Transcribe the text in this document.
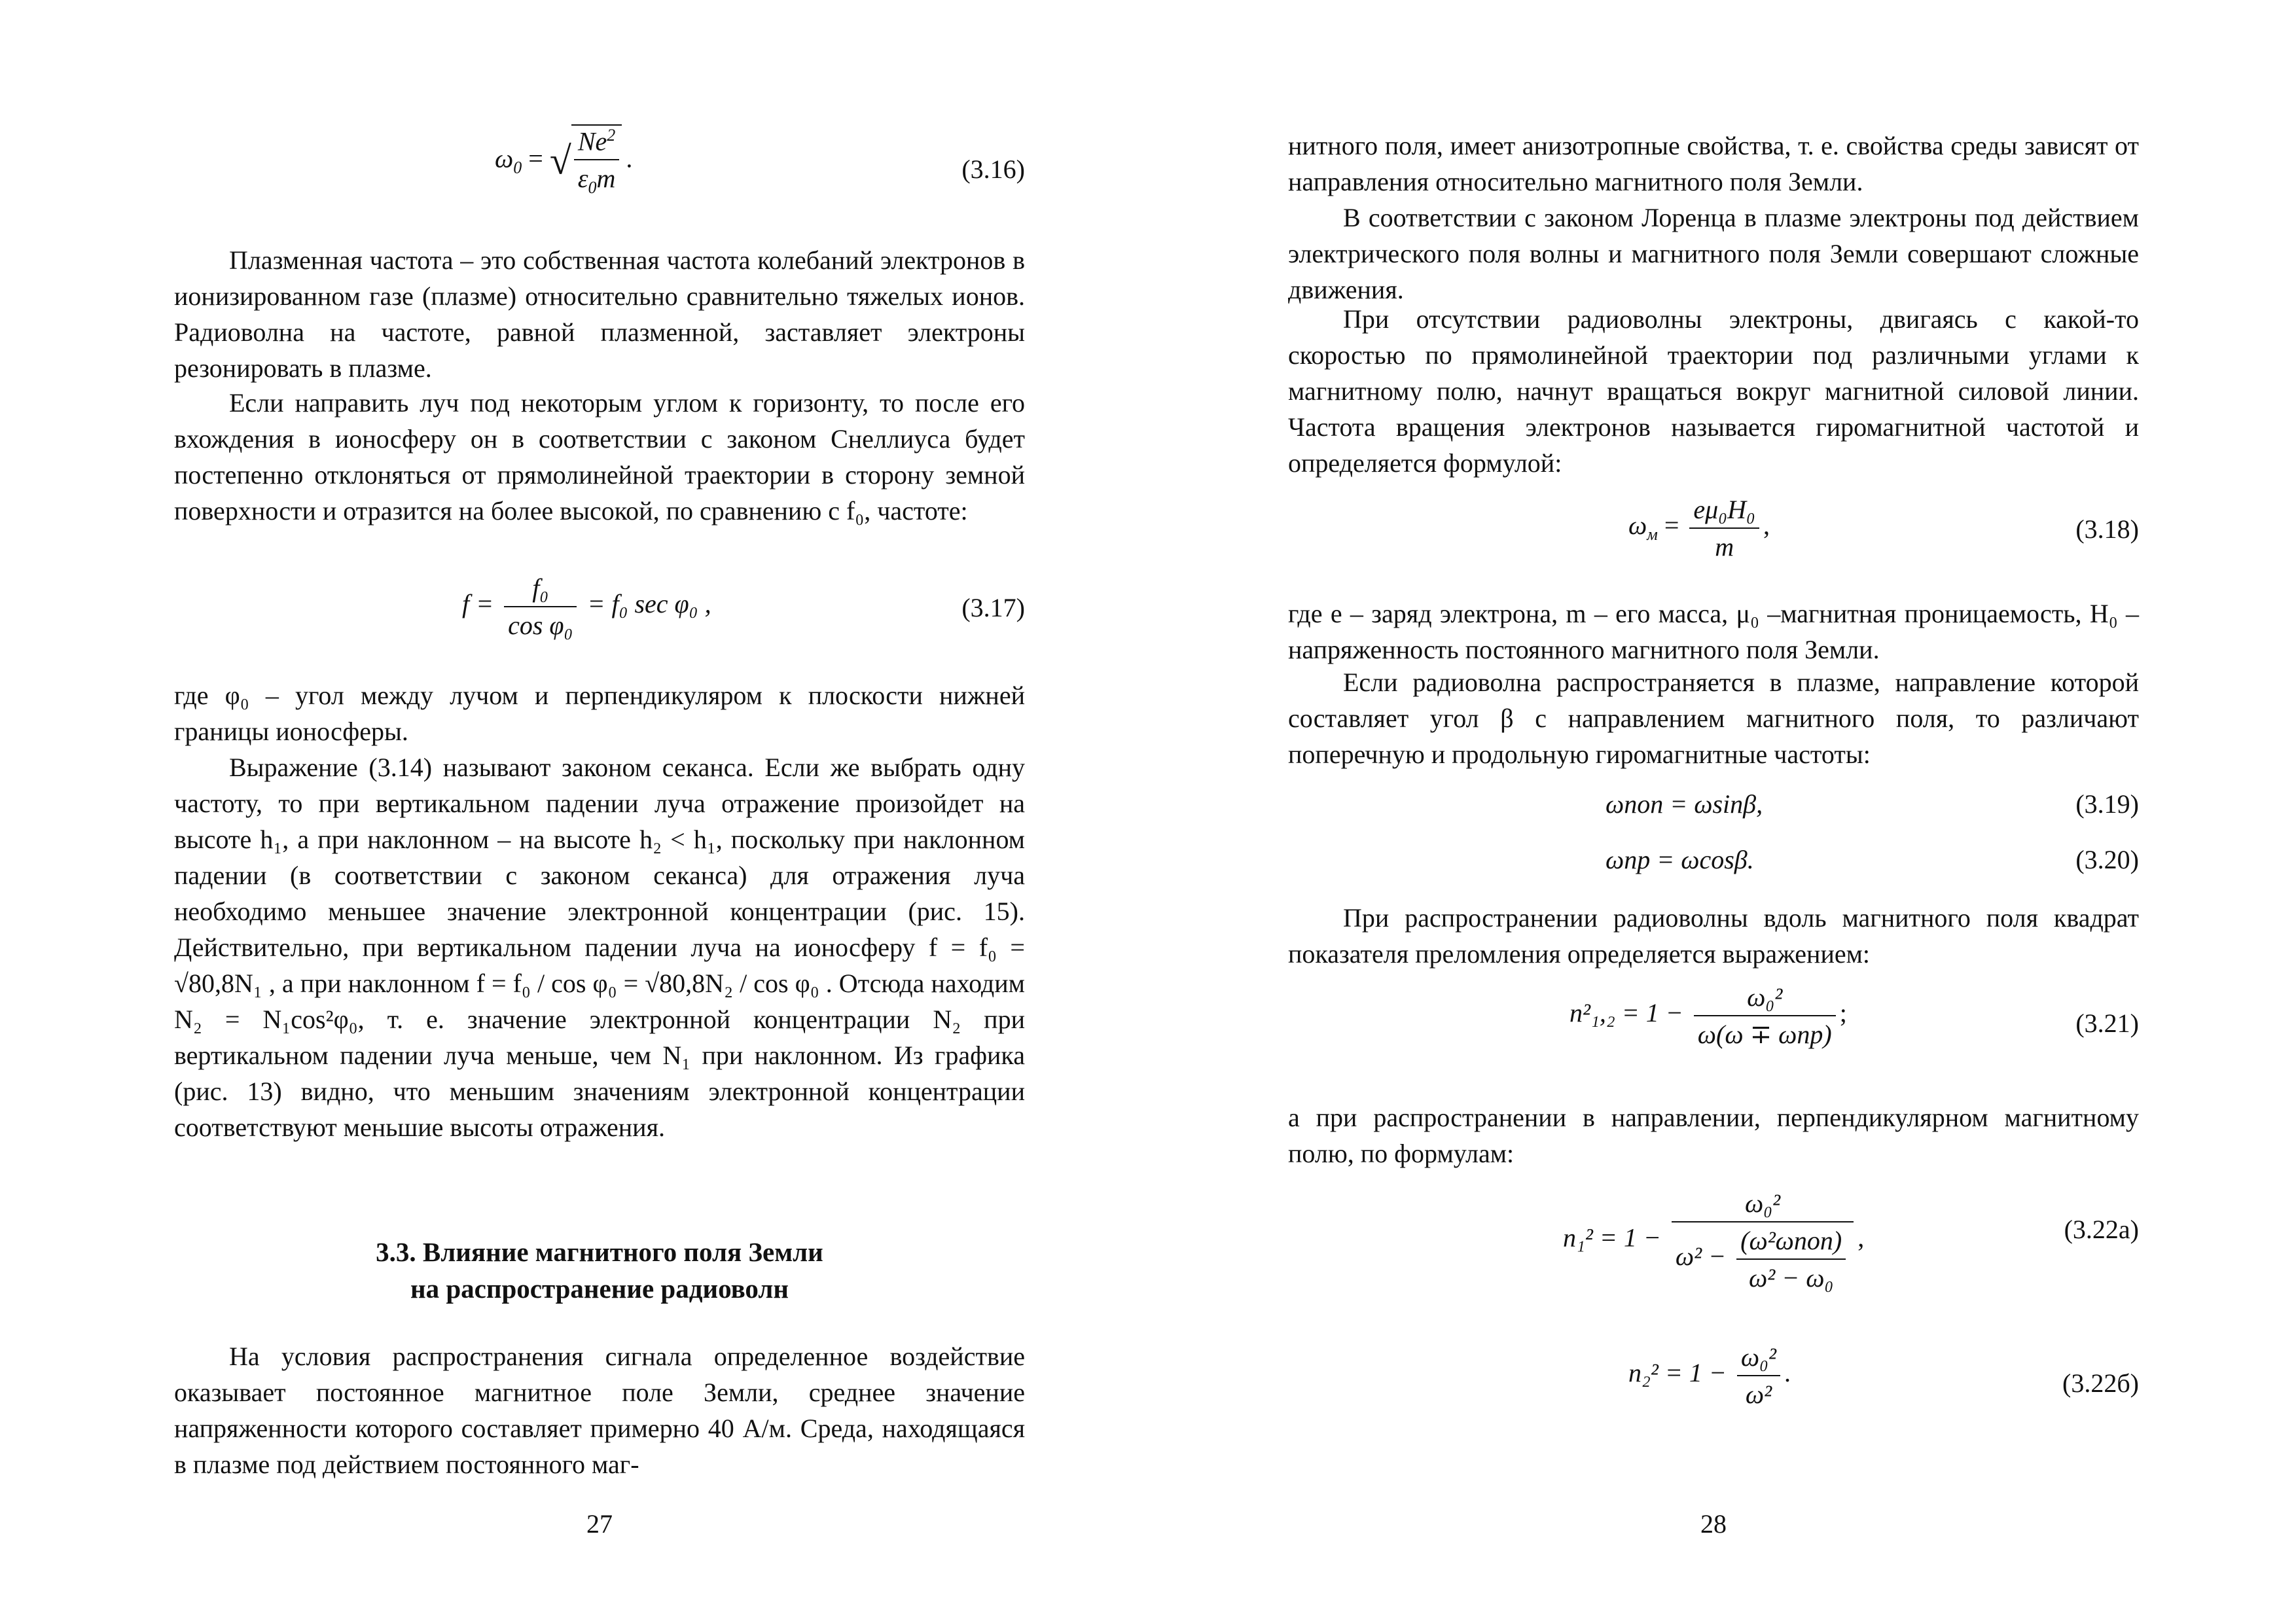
$\omega_0$ = √ $\frac{Ne^2}{\varepsilon_0m}$ .	(3.16)

Плазменная частота – это собственная частота колебаний электронов в ионизированном газе (плазме) относительно сравнительно тяжелых ионов. Радиоволна на частоте, равной плазменной, заставляет электроны резонировать в плазме.

Если направить луч под некоторым углом к горизонту, то после его вхождения в ионосферу он в соответствии с законом Снеллиуса будет постепенно отклоняться от прямолинейной траектории в сторону земной поверхности и отразится на более высокой, по сравнению с f₀, частоте:

$f = \frac{\text{f₀}}{\text{cos φ₀}} = f_0$ sec φ₀ ,	(3.17)

где φ₀ – угол между лучом и перпендикуляром к плоскости нижней границы ионосферы.

Выражение (3.14) называют законом секанса. Если же выбрать одну частоту, то при вертикальном падении луча отражение произойдет на высоте h₁, а при наклонном – на высоте h₂ < h₁, поскольку при наклонном падении (в соответствии с законом секанса) для отражения луча необходимо меньшее значение электронной концентрации (рис. 15). Действительно, при вертикальном падении луча на ионосферу f = f₀ = √80,8N₁ , а при наклонном f = f₀ / cos φ₀ = √80,8N₂ / cos φ₀ . Отсюда находим N₂ = N₁cos²φ₀, т. е. значение электронной концентрации N₂ при вертикальном падении луча меньше, чем N₁ при наклонном. Из графика (рис. 13) видно, что меньшим значениям электронной концентрации соответствуют меньшие высоты отражения.

3.3. Влияние магнитного поля Земли
на распространение радиоволн

На условия распространения сигнала определенное воздействие оказывает постоянное магнитное поле Земли, среднее значение напряженности которого составляет примерно 40 А/м. Среда, находящаяся в плазме под действием постоянного маг-

27

нитного поля, имеет анизотропные свойства, т. е. свойства среды зависят от направления относительно магнитного поля Земли.

В соответствии с законом Лоренца в плазме электроны под действием электрического поля волны и магнитного поля Земли совершают сложные движения.

При отсутствии радиоволны электроны, двигаясь с какой-то скоростью по прямолинейной траектории под различными углами к магнитному полю, начнут вращаться вокруг магнитной силовой линии. Частота вращения электронов называется гиромагнитной частотой и определяется формулой:

$\omega_м = \frac{\text{eμ₀H₀}}{m}$ ,	(3.18)

где e – заряд электрона, m – его масса, μ₀ –магнитная проницаемость, H₀ – напряженность постоянного магнитного поля Земли.

Если радиоволна распространяется в плазме, направление которой составляет угол β с направлением магнитного поля, то различают поперечную и продольную гиромагнитные частоты:

ωпоп = ωsinβ,	(3.19)
ωпр = ωcosβ.	(3.20)

При распространении радиоволны вдоль магнитного поля квадрат показателя преломления определяется выражением:

$n^2_1,_2 = 1 - \frac{\text{ω₀²}}{\text{ω(ω ∓ ωпр)}}$ ;	(3.21)

а при распространении в направлении, перпендикулярном магнитному полю, по формулам:

$n_1^2 = 1 - \frac{\text{ω₀²}}{\omega^2 - \frac{\text{(ω²ωпоп)}}{\text{ω² − ω₀}}}$ ,	(3.22а)
$n_2^2 = 1 - \frac{\text{ω₀²}}{\text{ω²}}$ .	(3.22б)
28
